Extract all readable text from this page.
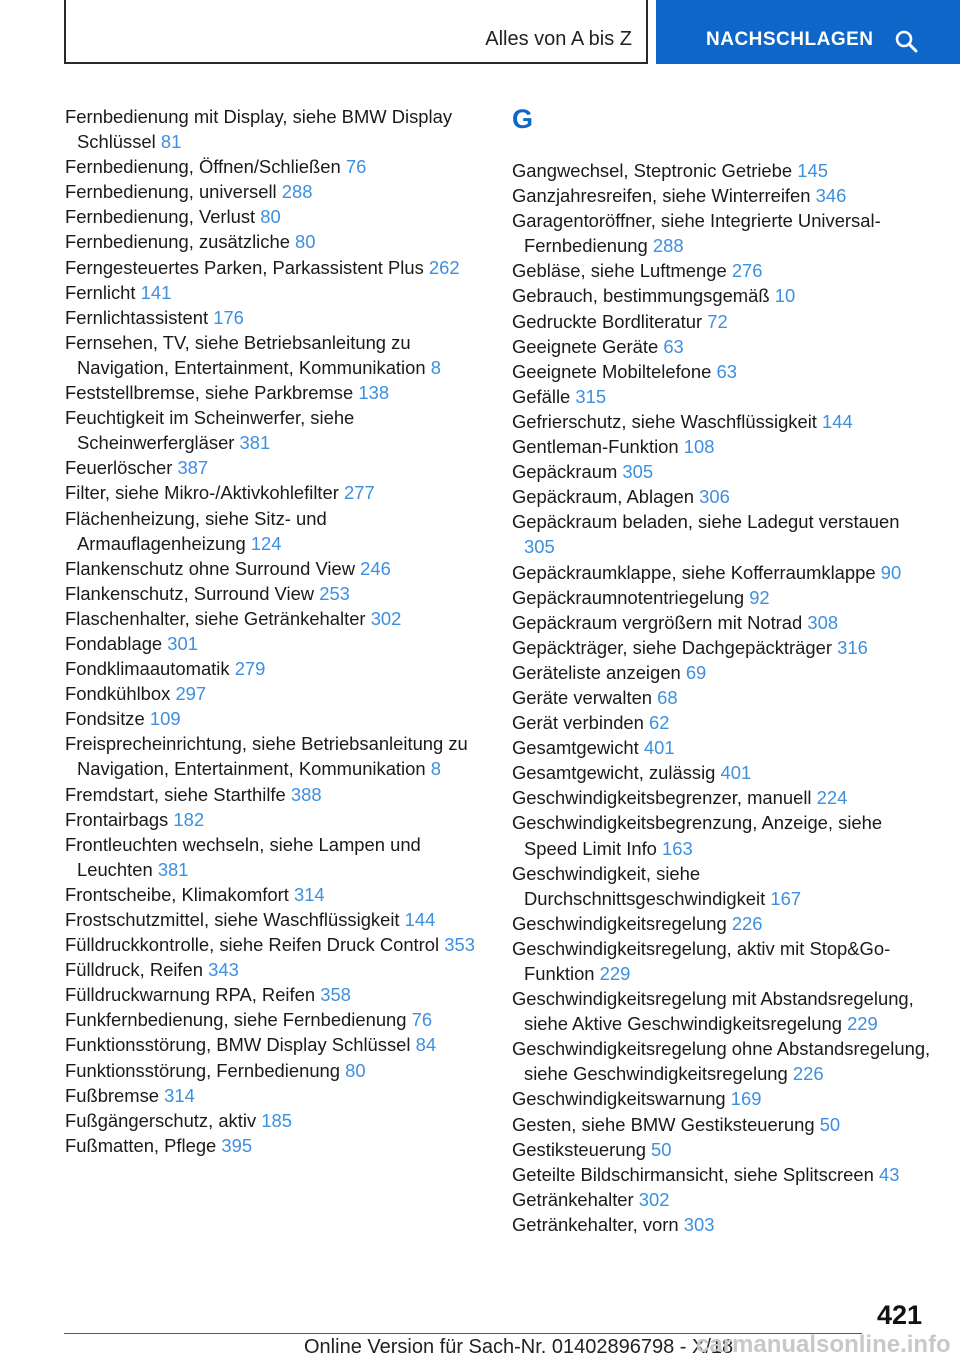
Alles von A bis Z	NACHSCHLAGEN
Fernbedienung mit Display, siehe BMW Display Schlüssel 81
Fernbedienung, Öffnen/Schließen 76
Fernbedienung, universell 288
Fernbedienung, Verlust 80
Fernbedienung, zusätzliche 80
Ferngesteuertes Parken, Parkassistent Plus 262
Fernlicht 141
Fernlichtassistent 176
Fernsehen, TV, siehe Betriebsanleitung zu Navigation, Entertainment, Kommunikation 8
Feststellbremse, siehe Parkbremse 138
Feuchtigkeit im Scheinwerfer, siehe Scheinwerfergläser 381
Feuerlöscher 387
Filter, siehe Mikro-/Aktivkohlefilter 277
Flächenheizung, siehe Sitz- und Armauflagenheizung 124
Flankenschutz ohne Surround View 246
Flankenschutz, Surround View 253
Flaschenhalter, siehe Getränkehalter 302
Fondablage 301
Fondklimaautomatik 279
Fondkühlbox 297
Fondsitze 109
Freisprecheinrichtung, siehe Betriebsanleitung zu Navigation, Entertainment, Kommunikation 8
Fremdstart, siehe Starthilfe 388
Frontairbags 182
Frontleuchten wechseln, siehe Lampen und Leuchten 381
Frontscheibe, Klimakomfort 314
Frostschutzmittel, siehe Waschflüssigkeit 144
Fülldruckkontrolle, siehe Reifen Druck Control 353
Fülldruck, Reifen 343
Fülldruckwarnung RPA, Reifen 358
Funkfernbedienung, siehe Fernbedienung 76
Funktionsstörung, BMW Display Schlüssel 84
Funktionsstörung, Fernbedienung 80
Fußbremse 314
Fußgängerschutz, aktiv 185
Fußmatten, Pflege 395
G
Gangwechsel, Steptronic Getriebe 145
Ganzjahresreifen, siehe Winterreifen 346
Garagentoröffner, siehe Integrierte Universal-Fernbedienung 288
Gebläse, siehe Luftmenge 276
Gebrauch, bestimmungsgemäß 10
Gedruckte Bordliteratur 72
Geeignete Geräte 63
Geeignete Mobiltelefone 63
Gefälle 315
Gefrierschutz, siehe Waschflüssigkeit 144
Gentleman-Funktion 108
Gepäckraum 305
Gepäckraum, Ablagen 306
Gepäckraum beladen, siehe Ladegut verstauen 305
Gepäckraumklappe, siehe Kofferraumklappe 90
Gepäckraumnotentriegelung 92
Gepäckraum vergrößern mit Notrad 308
Gepäckträger, siehe Dachgepäckträger 316
Geräteliste anzeigen 69
Geräte verwalten 68
Gerät verbinden 62
Gesamtgewicht 401
Gesamtgewicht, zulässig 401
Geschwindigkeitsbegrenzer, manuell 224
Geschwindigkeitsbegrenzung, Anzeige, siehe Speed Limit Info 163
Geschwindigkeit, siehe Durchschnittsgeschwindigkeit 167
Geschwindigkeitsregelung 226
Geschwindigkeitsregelung, aktiv mit Stop&Go-Funktion 229
Geschwindigkeitsregelung mit Abstandsregelung, siehe Aktive Geschwindigkeitsregelung 229
Geschwindigkeitsregelung ohne Abstandsregelung, siehe Geschwindigkeitsregelung 226
Geschwindigkeitswarnung 169
Gesten, siehe BMW Gestiksteuerung 50
Gestiksteuerung 50
Geteilte Bildschirmansicht, siehe Splitscreen 43
Getränkehalter 302
Getränkehalter, vorn 303
421
Online Version für Sach-Nr. 01402896798 - X/18
carmanualsonline.info
